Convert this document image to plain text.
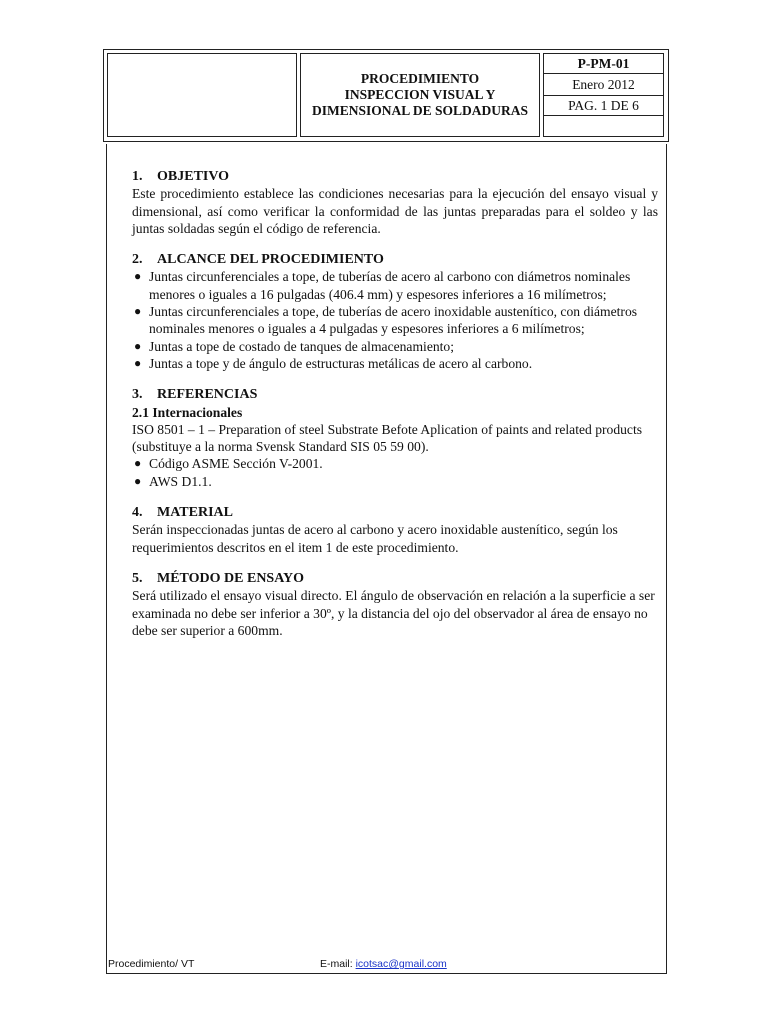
PROCEDIMIENTO
INSPECCION VISUAL Y
DIMENSIONAL DE SOLDADURAS
P-PM-01
Enero 2012
PAG. 1 DE 6
1.	OBJETIVO

Este procedimiento establece las condiciones necesarias para la ejecución del ensayo visual y dimensional, así como verificar la conformidad de las juntas preparadas para el soldeo y las juntas soldadas según el código de referencia.

2.	ALCANCE DEL PROCEDIMIENTO
● Juntas circunferenciales a tope, de tuberías de acero al carbono con diámetros nominales menores o iguales a 16 pulgadas (406.4 mm) y espesores inferiores a 16 milímetros;
● Juntas circunferenciales a tope, de tuberías de acero inoxidable austenítico, con diámetros nominales menores o iguales a 4 pulgadas y espesores inferiores a 6 milímetros;
● Juntas a tope de costado de tanques de almacenamiento;
● Juntas a tope y de ángulo de estructuras metálicas de acero al carbono.
3.	REFERENCIAS

2.1 Internacionales

ISO 8501 – 1 – Preparation of steel Substrate Befote Aplication of paints and related products (substituye a la norma Svensk Standard SIS 05 59 00).

● Código ASME Sección V-2001.
● AWS D1.1.
4.	MATERIAL

Serán inspeccionadas juntas de acero al carbono y acero inoxidable austenítico, según los requerimientos descritos en el item 1 de este procedimiento.

5.	MÉTODO DE ENSAYO

Será utilizado el ensayo visual directo. El ángulo de observación en relación a la superficie a ser examinada no debe ser inferior a 30º, y la distancia del ojo del observador al área de ensayo no debe ser superior a 600mm.

Procedimiento/ VT	E-mail: icotsac@gmail.com
